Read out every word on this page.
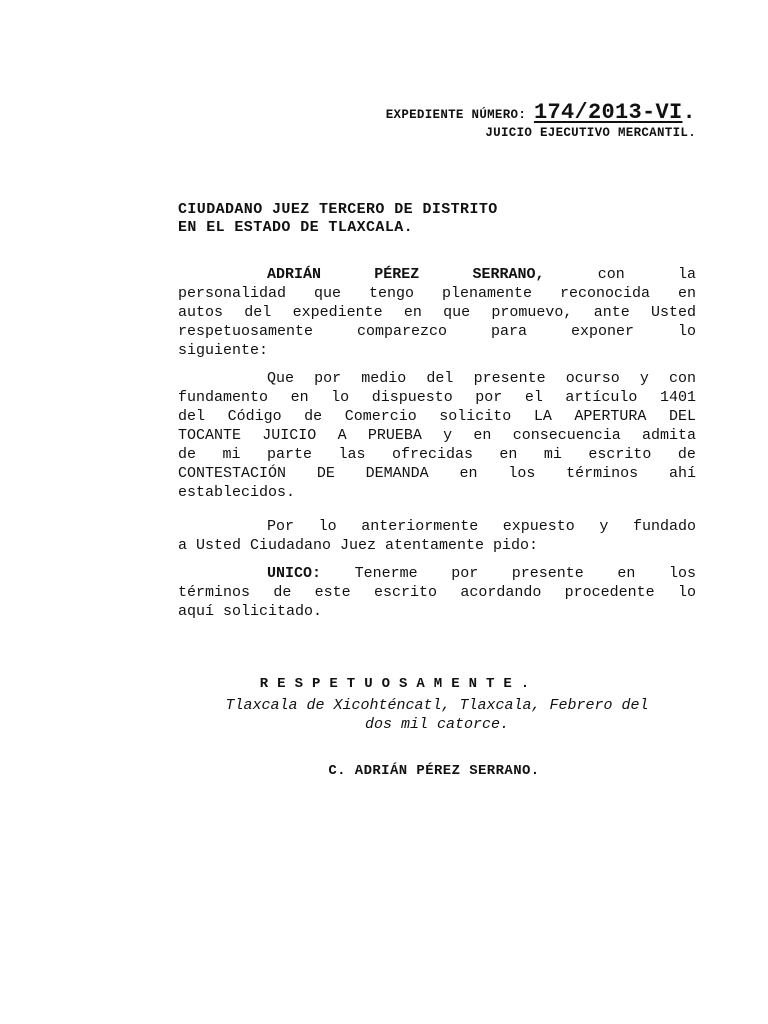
EXPEDIENTE NÚMERO: 174/2013-VI.
JUICIO EJECUTIVO MERCANTIL.
CIUDADANO JUEZ TERCERO DE DISTRITO
EN EL ESTADO DE TLAXCALA.
ADRIÁN	PÉREZ	SERRANO,	con	la
personalidad que tengo plenamente reconocida en
autos del expediente en que promuevo, ante Usted
respetuosamente	comparezco	para	exponer	lo
siguiente:
Que por medio del presente ocurso y con
fundamento en lo dispuesto por el artículo 1401
del Código de Comercio solicito LA APERTURA DEL
TOCANTE JUICIO A PRUEBA y en consecuencia admita
de mi parte las ofrecidas en mi escrito de
CONTESTACIÓN DE DEMANDA en los términos ahí
establecidos.
Por lo anteriormente expuesto y fundado
a Usted Ciudadano Juez atentamente pido:
UNICO: Tenerme por presente en los
términos de este escrito acordando procedente lo
aquí solicitado.
RESPETUOSAMENTE.
Tlaxcala de Xicohténcatl, Tlaxcala, Febrero del
dos mil catorce.
C. ADRIÁN PÉREZ SERRANO.
